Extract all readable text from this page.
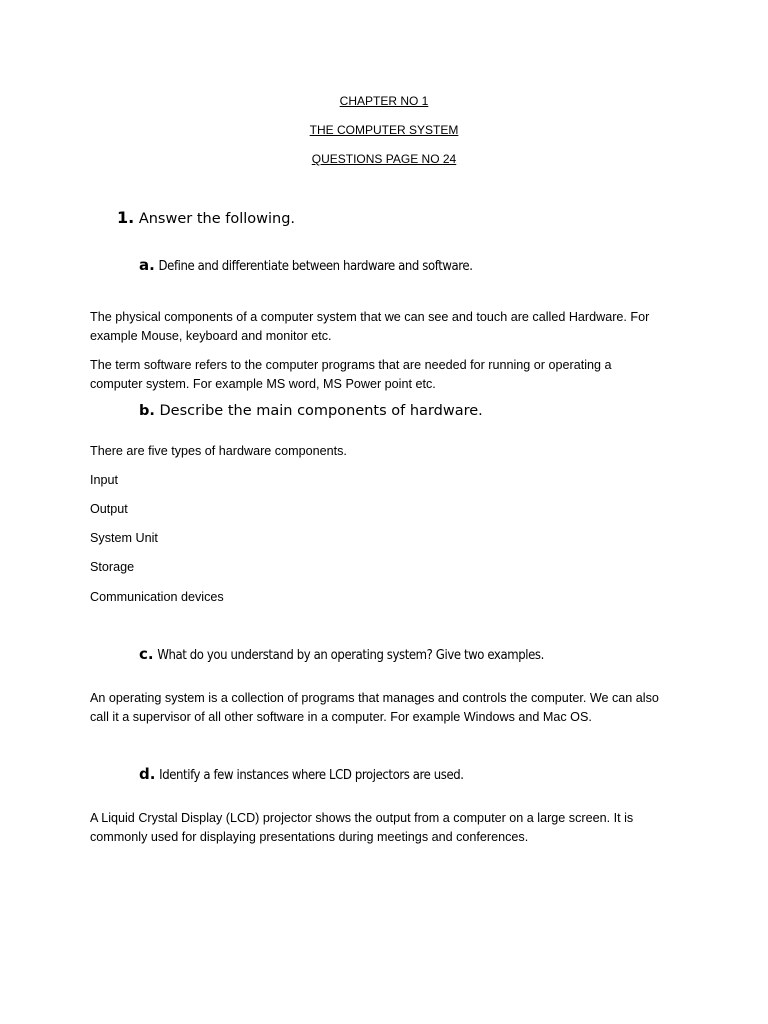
CHAPTER NO 1
THE COMPUTER SYSTEM
QUESTIONS PAGE NO 24
1. Answer the following.
a. Define and differentiate between hardware and software.
The physical components of a computer system that we can see and touch are called Hardware. For
example Mouse, keyboard and monitor etc.
The term software refers to the computer programs that are needed for running or operating a
computer system. For example MS word, MS Power point etc.
b. Describe the main components of hardware.
There are five types of hardware components.
Input
Output
System Unit
Storage
Communication devices
c. What do you understand by an operating system? Give two examples.
An operating system is a collection of programs that manages and controls the computer. We can also
call it a supervisor of all other software in a computer. For example Windows and Mac OS.
d. Identify a few instances where LCD projectors are used.
A Liquid Crystal Display (LCD) projector shows the output from a computer on a large screen. It is
commonly used for displaying presentations during meetings and conferences.
